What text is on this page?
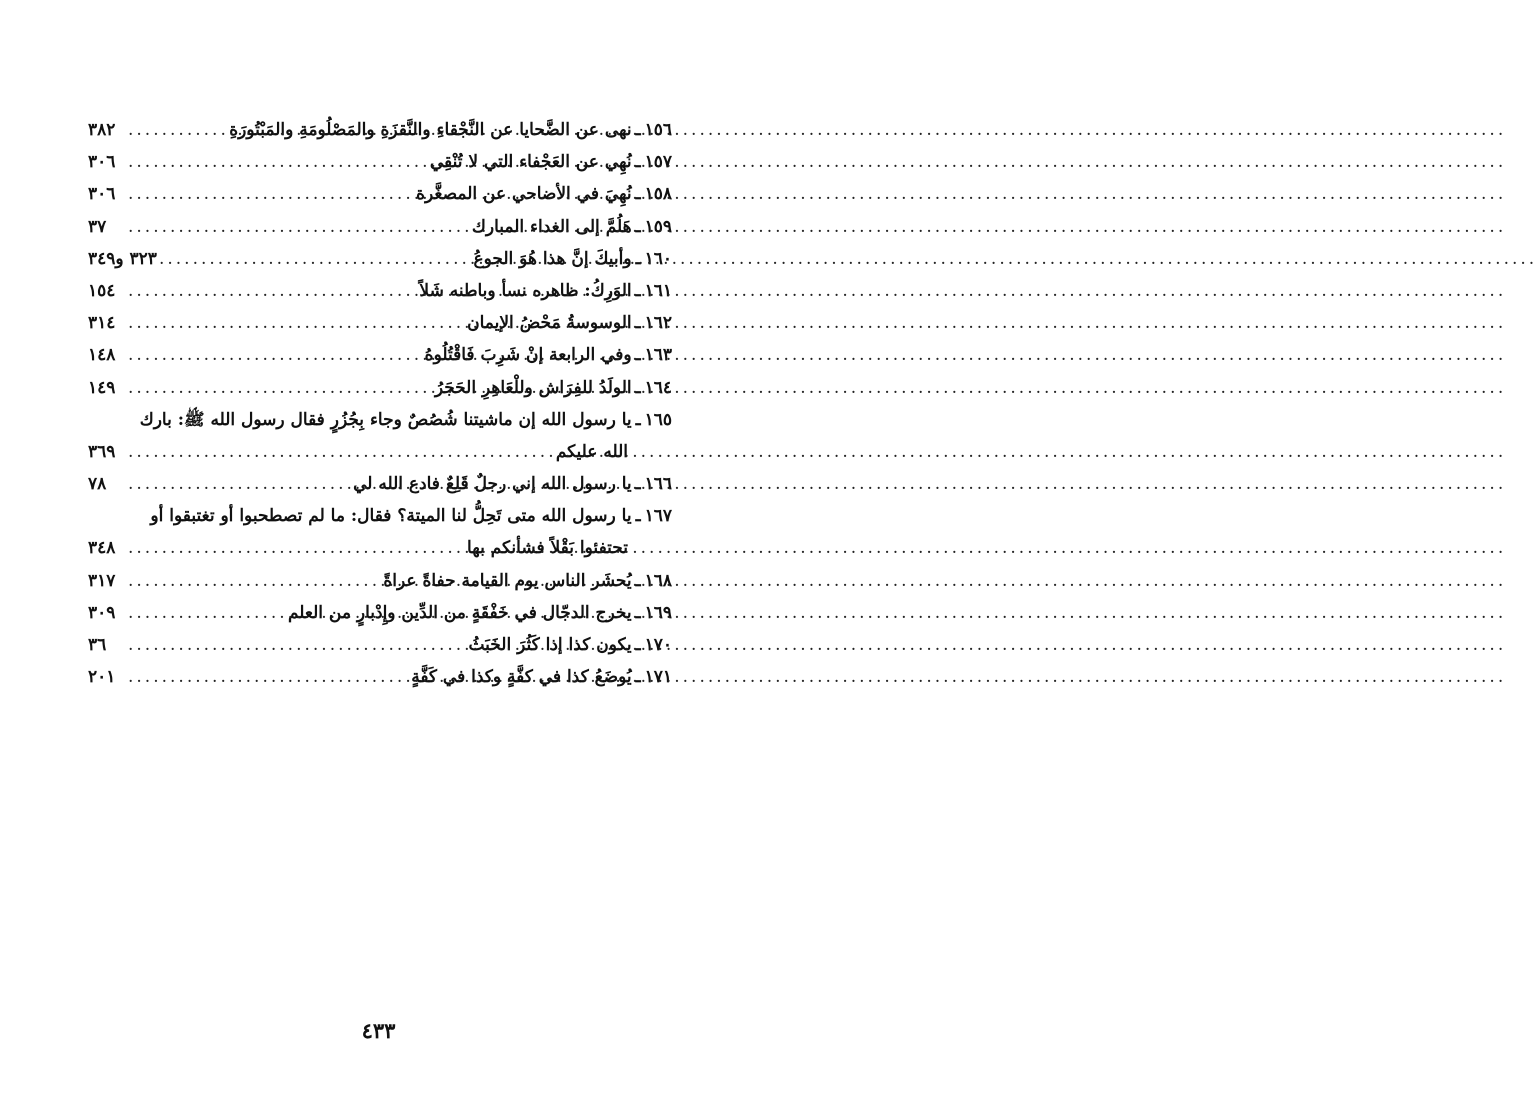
١٥٦
ـ
نهى عن الضَّحايا عن النَّجْقاءِ والنَّقزَةِ والمَصْلُومَةِ والمَبْتُورَةِ
.....
٣٨٢
١٥٧
ـ
نُهِي عن العَجْفاء التي لا تُنْقِي
.....
٣٠٦
١٥٨
ـ
نُهِيَ في الأضاحي عن المصغَّرة
.....
٣٠٦
١٥٩
ـ
هَلُمَّ إلى الغداء المبارك
.....
٣٧
١٦٠
ـ
وأبيكَ إنَّ هذا هُوَ الجوعُ
.....
٣٢٣ و٣٤٩
١٦١
ـ
الوَرِكُ: ظاهره نسأ وباطنه شَلاً
.....
١٥٤
١٦٢
ـ
الوسوسةُ مَحْضُ الإيمان
.....
٣١٤
١٦٣
ـ
وفي الرابعة إنْ شَرِبَ فَاقْتُلُوهُ
.....
١٤٨
١٦٤
ـ
الولَدُ للفِرَاش وللْعَاهِرِ الحَجَرُ
.....
١٤٩
١٦٥
ـ
يا رسول الله إن ماشيتنا شُصُصٌ وجاء بِجُزُرٍ فقال رسول الله ﷺ: بارك
الله عليكم
.....
٣٦٩
١٦٦
ـ
يا رسول الله إني رجلٌ قَلِعٌ فادع الله لي
.....
٧٨
١٦٧
ـ
يا رسول الله متى تَحِلُّ لنا الميتة؟ فقال: ما لم تصطحبوا أو تغتبقوا أو
تحتفئوا بَقْلاً فشأنكم بها
.....
٣٤٨
١٦٨
ـ
يُحشَر الناس يوم القيامة حفاةً عراةً
.....
٣١٧
١٦٩
ـ
يخرج الدجّال في خَفْقَةٍ من الدِّين وإِدْبارٍ من العلم
.....
٣٠٩
١٧٠
ـ
يكون كذا إذا كَثُرَ الخَبَثُ
.....
٣٦
١٧١
ـ
يُوضَعُ كذا في كفَّةٍ وكذا في كَفَّةٍ
.....
٢٠١
٤٣٣
